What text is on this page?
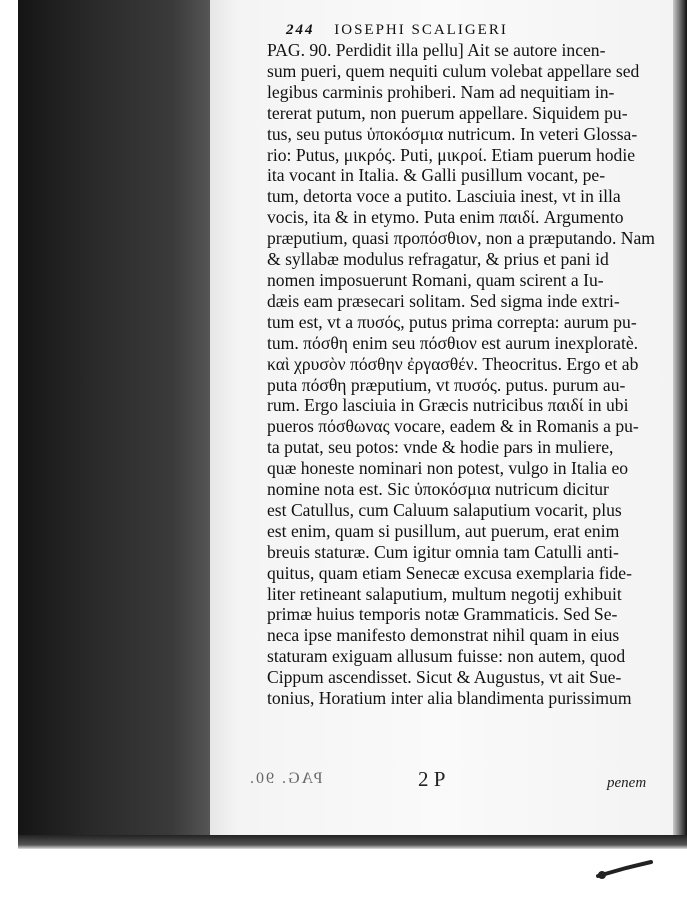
244 IOSEPHI SCALIGERI
PAG. 90. Perdidit illa pellu] Ait se autore incen-
sum pueri, quem nequiti culum volebat appellare sed
legibus carminis prohiberi. Nam ad nequitiam in-
tererat putum, non puerum appellare. Siquidem pu-
tus, seu putus ὑποκόσμια nutricum. In veteri Glossa-
rio: Putus, μικρός. Puti, μικροί. Etiam puerum hodie
ita vocant in Italia. & Galli pusillum vocant, pe-
tum, detorta voce a putito. Lasciuia inest, vt in illa
vocis, ita & in etymo. Puta enim παιδί. Argumento
præputium, quasi προπόσθιον, non a præputando. Nam
& syllabæ modulus refragatur, & prius et pani id
nomen imposuerunt Romani, quam scirent a Iu-
dæis eam præsecari solitam. Sed sigma inde extri-
tum est, vt a πυσός, putus prima correpta: aurum pu-
tum. πόσθη enim seu πόσθιον est aurum inexploratè.
καὶ χρυσὸν πόσθην ἐργασθέν. Theocritus. Ergo et ab
puta πόσθη præputium, vt πυσός. putus. purum au-
rum. Ergo lasciuia in Græcis nutricibus παιδί in ubi
pueros πόσθωνας vocare, eadem & in Romanis a pu-
ta putat, seu potos: vnde & hodie pars in muliere,
quæ honeste nominari non potest, vulgo in Italia eo
nomine nota est. Sic ὑποκόσμια nutricum dicitur
est Catullus, cum Caluum salaputium vocarit, plus
est enim, quam si pusillum, aut puerum, erat enim
breuis staturæ. Cum igitur omnia tam Catulli anti-
quitus, quam etiam Senecæ excusa exemplaria fide-
liter retineant salaputium, multum negotij exhibuit
primæ huius temporis notæ Grammaticis. Sed Se-
neca ipse manifesto demonstrat nihil quam in eius
staturam exiguam allusum fuisse: non autem, quod
Cippum ascendisset. Sicut & Augustus, vt ait Sue-
tonius, Horatium inter alia blandimenta purissimum
PAG. 90.	2 P	penem
